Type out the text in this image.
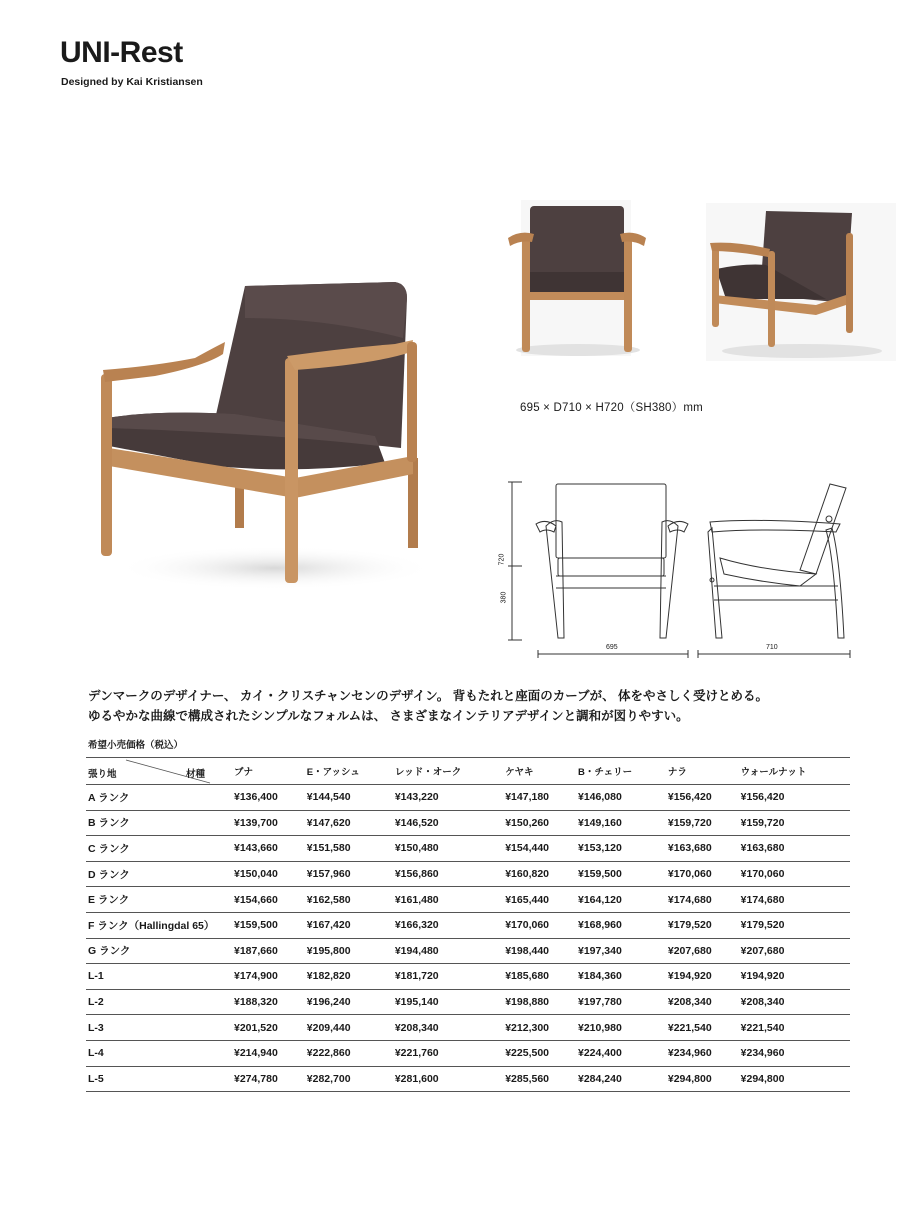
UNI-Rest
Designed by Kai Kristiansen
695 × D710 × H720（SH380）mm
720
380
695	710

デンマークのデザイナー、 カイ・クリスチャンセンのデザイン。 背もたれと座面のカーブが、 体をやさしく受けとめる。
ゆるやかな曲線で構成されたシンプルなフォルムは、 さまざまなインテリアデザインと調和が図りやすい。

希望小売価格（税込）
張り地 材種	ブナ	E・アッシュ	レッド・オーク	ケヤキ	B・チェリー	ナラ	ウォールナット
A ランク	¥136,400	¥144,540	¥143,220	¥147,180	¥146,080	¥156,420	¥156,420
B ランク	¥139,700	¥147,620	¥146,520	¥150,260	¥149,160	¥159,720	¥159,720
C ランク	¥143,660	¥151,580	¥150,480	¥154,440	¥153,120	¥163,680	¥163,680
D ランク	¥150,040	¥157,960	¥156,860	¥160,820	¥159,500	¥170,060	¥170,060
E ランク	¥154,660	¥162,580	¥161,480	¥165,440	¥164,120	¥174,680	¥174,680
F ランク（Hallingdal 65）	¥159,500	¥167,420	¥166,320	¥170,060	¥168,960	¥179,520	¥179,520
G ランク	¥187,660	¥195,800	¥194,480	¥198,440	¥197,340	¥207,680	¥207,680
L-1	¥174,900	¥182,820	¥181,720	¥185,680	¥184,360	¥194,920	¥194,920
L-2	¥188,320	¥196,240	¥195,140	¥198,880	¥197,780	¥208,340	¥208,340
L-3	¥201,520	¥209,440	¥208,340	¥212,300	¥210,980	¥221,540	¥221,540
L-4	¥214,940	¥222,860	¥221,760	¥225,500	¥224,400	¥234,960	¥234,960
L-5	¥274,780	¥282,700	¥281,600	¥285,560	¥284,240	¥294,800	¥294,800
